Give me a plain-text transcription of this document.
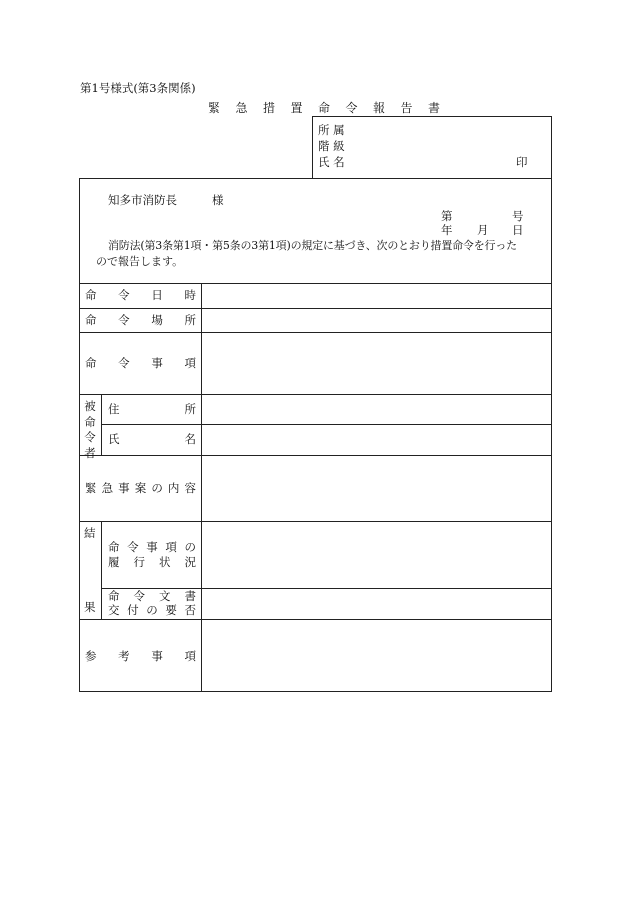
第1号様式(第3条関係)
緊急措置命令報告書
所 属
階 級
氏 名	印
知多市消防長	様
第	号
年 月 日
消防法(第3条第1項・第5条の3第1項)の規定に基づき、次のとおり措置命令を行った
ので報告します。
命 令 日 時
命 令 場 所
命 令 事 項
被
命
令
者
住	所
氏	名
緊 急 事 案 の 内 容
結
果
命 令 事 項 の
履 行 状 況
命 令 文 書
交 付 の 要 否
参 考 事 項
